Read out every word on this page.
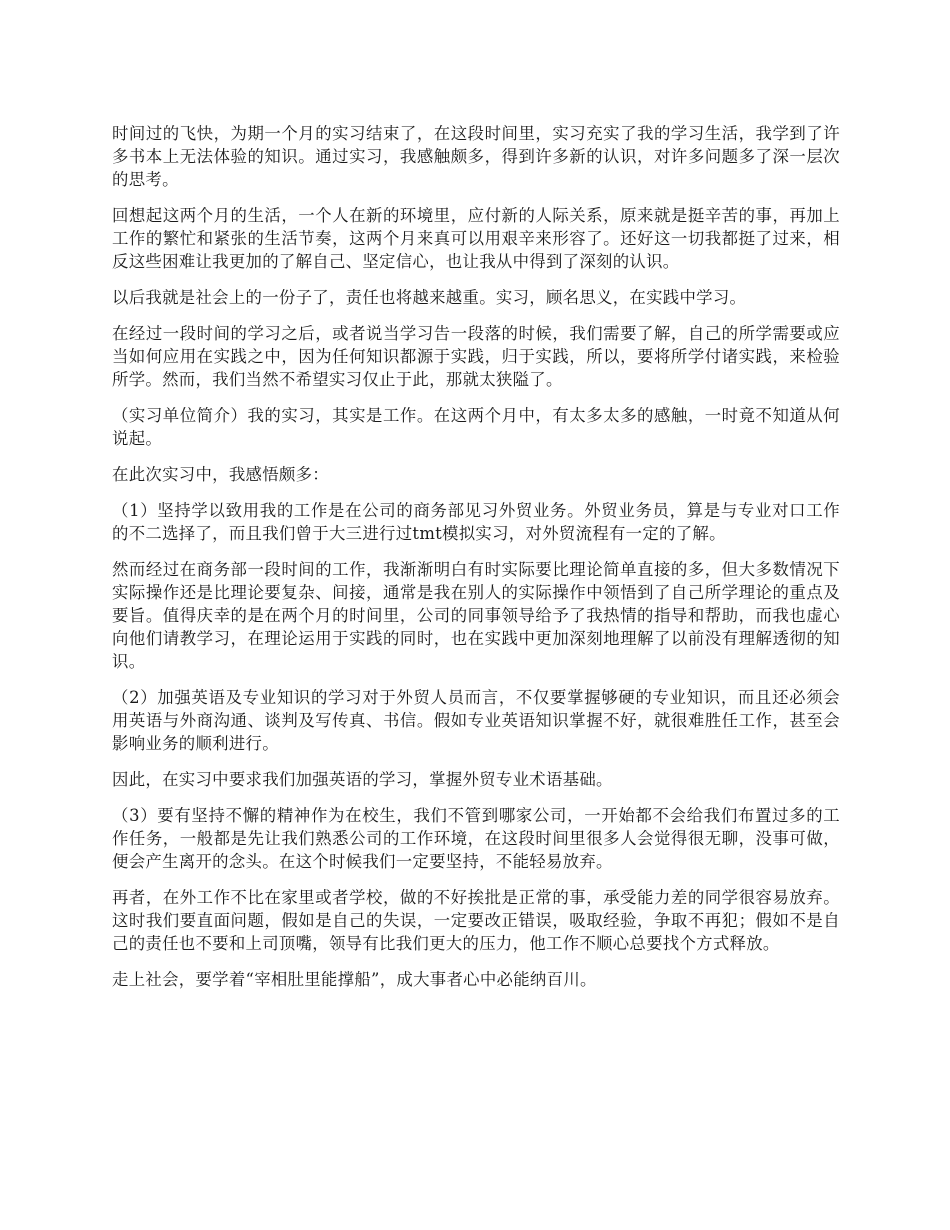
时间过的飞快，为期一个月的实习结束了，在这段时间里，实习充实了我的学习生活，我学到了许多书本上无法体验的知识。通过实习，我感触颇多，得到许多新的认识，对许多问题多了深一层次的思考。

回想起这两个月的生活，一个人在新的环境里，应付新的人际关系，原来就是挺辛苦的事，再加上工作的繁忙和紧张的生活节奏，这两个月来真可以用艰辛来形容了。还好这一切我都挺了过来，相反这些困难让我更加的了解自己、坚定信心，也让我从中得到了深刻的认识。

以后我就是社会上的一份子了，责任也将越来越重。实习，顾名思义，在实践中学习。

在经过一段时间的学习之后，或者说当学习告一段落的时候，我们需要了解，自己的所学需要或应当如何应用在实践之中，因为任何知识都源于实践，归于实践，所以，要将所学付诸实践，来检验所学。然而，我们当然不希望实习仅止于此，那就太狭隘了。

（实习单位简介）我的实习，其实是工作。在这两个月中，有太多太多的感触，一时竟不知道从何说起。

在此次实习中，我感悟颇多：

（1）坚持学以致用我的工作是在公司的商务部见习外贸业务。外贸业务员，算是与专业对口工作的不二选择了，而且我们曾于大三进行过tmt模拟实习，对外贸流程有一定的了解。

然而经过在商务部一段时间的工作，我渐渐明白有时实际要比理论简单直接的多，但大多数情况下实际操作还是比理论要复杂、间接，通常是我在别人的实际操作中领悟到了自己所学理论的重点及要旨。值得庆幸的是在两个月的时间里，公司的同事领导给予了我热情的指导和帮助，而我也虚心向他们请教学习，在理论运用于实践的同时，也在实践中更加深刻地理解了以前没有理解透彻的知识。

（2）加强英语及专业知识的学习对于外贸人员而言，不仅要掌握够硬的专业知识，而且还必须会用英语与外商沟通、谈判及写传真、书信。假如专业英语知识掌握不好，就很难胜任工作，甚至会影响业务的顺利进行。

因此，在实习中要求我们加强英语的学习，掌握外贸专业术语基础。

（3）要有坚持不懈的精神作为在校生，我们不管到哪家公司，一开始都不会给我们布置过多的工作任务，一般都是先让我们熟悉公司的工作环境，在这段时间里很多人会觉得很无聊，没事可做，便会产生离开的念头。在这个时候我们一定要坚持，不能轻易放弃。

再者，在外工作不比在家里或者学校，做的不好挨批是正常的事，承受能力差的同学很容易放弃。这时我们要直面问题，假如是自己的失误，一定要改正错误，吸取经验，争取不再犯；假如不是自己的责任也不要和上司顶嘴，领导有比我们更大的压力，他工作不顺心总要找个方式释放。

走上社会，要学着“宰相肚里能撑船”，成大事者心中必能纳百川。
